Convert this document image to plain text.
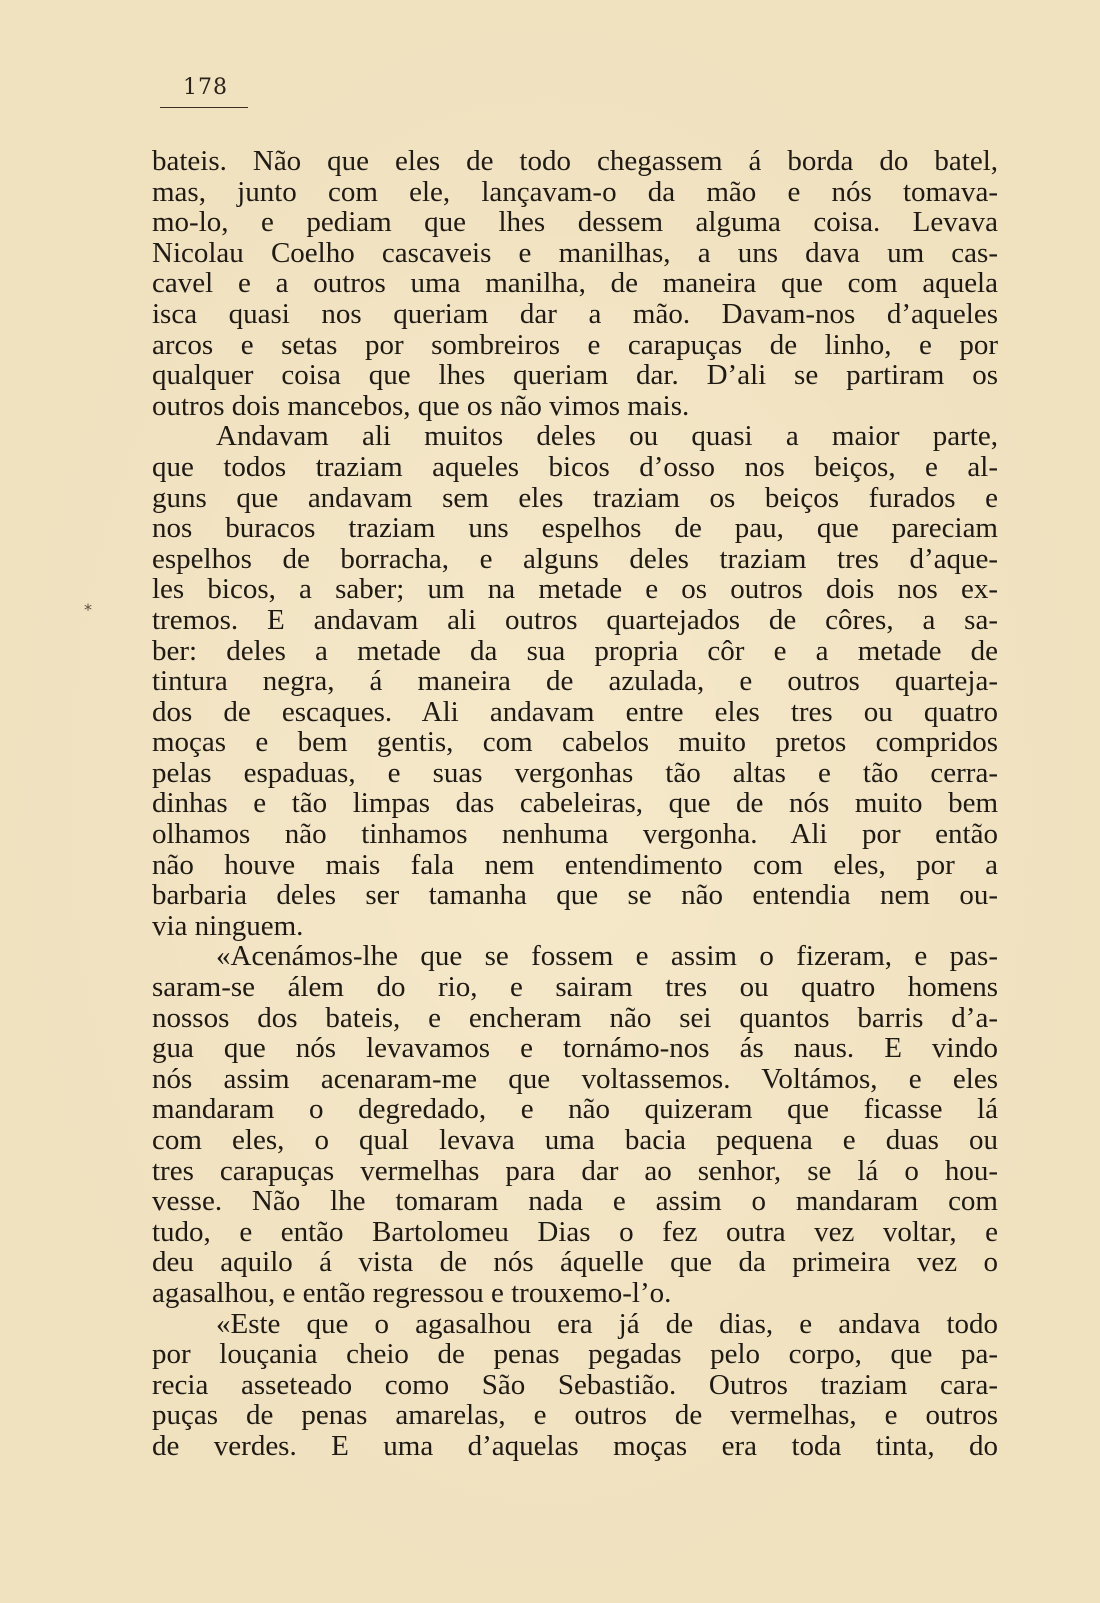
178
bateis. Não que eles de todo chegassem á borda do batel,
mas, junto com ele, lançavam-o da mão e nós tomava-
mo-lo, e pediam que lhes dessem alguma coisa. Levava
Nicolau Coelho cascaveis e manilhas, a uns dava um cas-
cavel e a outros uma manilha, de maneira que com aquela
isca quasi nos queriam dar a mão. Davam-nos d’aqueles
arcos e setas por sombreiros e carapuças de linho, e por
qualquer coisa que lhes queriam dar. D’ali se partiram os
outros dois mancebos, que os não vimos mais.
Andavam ali muitos deles ou quasi a maior parte,
que todos traziam aqueles bicos d’osso nos beiços, e al-
guns que andavam sem eles traziam os beiços furados e
nos buracos traziam uns espelhos de pau, que pareciam
espelhos de borracha, e alguns deles traziam tres d’aque-
les bicos, a saber; um na metade e os outros dois nos ex-
tremos. E andavam ali outros quartejados de côres, a sa-
ber: deles a metade da sua propria côr e a metade de
tintura negra, á maneira de azulada, e outros quarteja-
dos de escaques. Ali andavam entre eles tres ou quatro
moças e bem gentis, com cabelos muito pretos compridos
pelas espaduas, e suas vergonhas tão altas e tão cerra-
dinhas e tão limpas das cabeleiras, que de nós muito bem
olhamos não tinhamos nenhuma vergonha. Ali por então
não houve mais fala nem entendimento com eles, por a
barbaria deles ser tamanha que se não entendia nem ou-
via ninguem.
«Acenámos-lhe que se fossem e assim o fizeram, e pas-
saram-se álem do rio, e sairam tres ou quatro homens
nossos dos bateis, e encheram não sei quantos barris d’a-
gua que nós levavamos e tornámo-nos ás naus. E vindo
nós assim acenaram-me que voltassemos. Voltámos, e eles
mandaram o degredado, e não quizeram que ficasse lá
com eles, o qual levava uma bacia pequena e duas ou
tres carapuças vermelhas para dar ao senhor, se lá o hou-
vesse. Não lhe tomaram nada e assim o mandaram com
tudo, e então Bartolomeu Dias o fez outra vez voltar, e
deu aquilo á vista de nós áquelle que da primeira vez o
agasalhou, e então regressou e trouxemo-l’o.
«Este que o agasalhou era já de dias, e andava todo
por louçania cheio de penas pegadas pelo corpo, que pa-
recia asseteado como São Sebastião. Outros traziam cara-
puças de penas amarelas, e outros de vermelhas, e outros
de verdes. E uma d’aquelas moças era toda tinta, do
*
